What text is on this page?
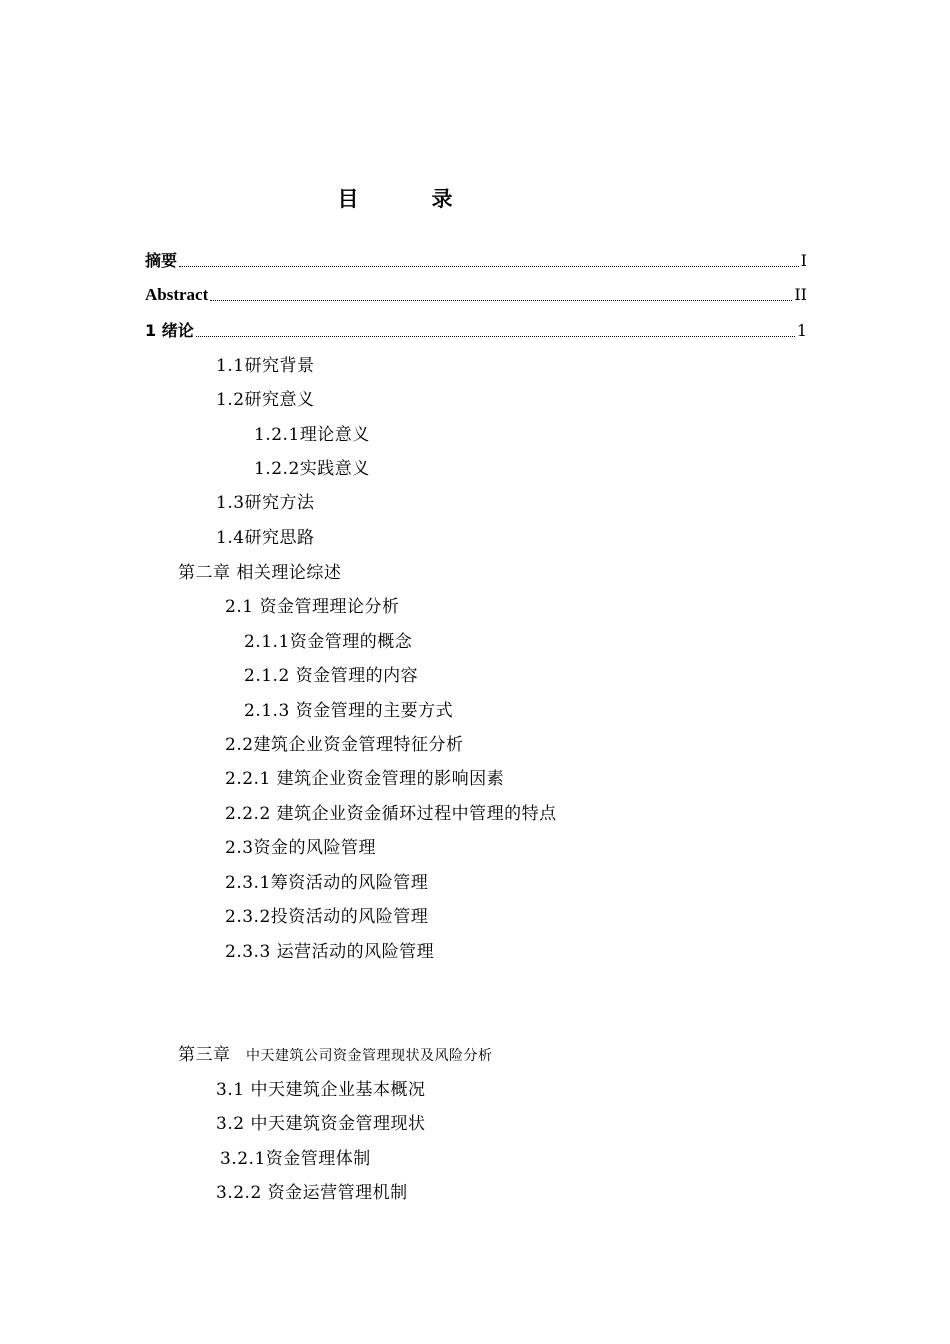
目　录
摘要	I
Abstract	II
1 绪论	1
1.1研究背景
1.2研究意义
1.2.1理论意义
1.2.2实践意义
1.3研究方法
1.4研究思路
第二章 相关理论综述
2.1 资金管理理论分析
2.1.1资金管理的概念
2.1.2 资金管理的内容
2.1.3 资金管理的主要方式
2.2建筑企业资金管理特征分析
2.2.1 建筑企业资金管理的影响因素
2.2.2 建筑企业资金循环过程中管理的特点
2.3资金的风险管理
2.3.1筹资活动的风险管理
2.3.2投资活动的风险管理
2.3.3 运营活动的风险管理
第三章 中天建筑公司资金管理现状及风险分析
3.1 中天建筑企业基本概况
3.2 中天建筑资金管理现状
3.2.1资金管理体制
3.2.2 资金运营管理机制
